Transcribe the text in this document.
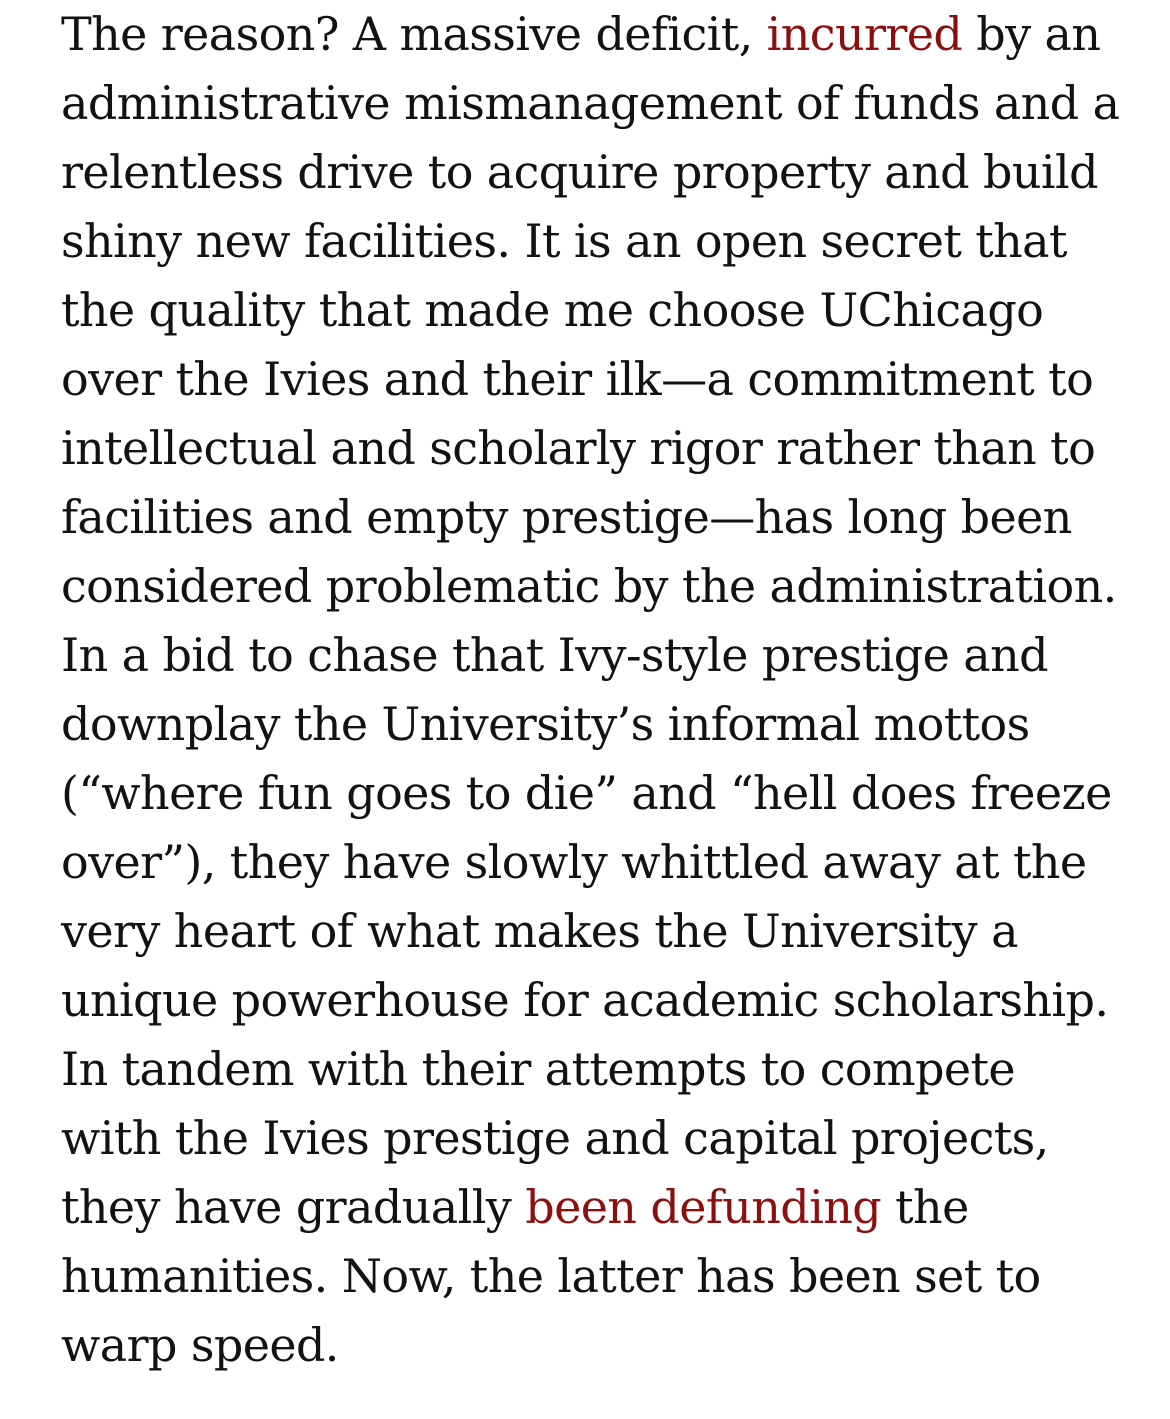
The reason? A massive deficit, incurred by an
administrative mismanagement of funds and a
relentless drive to acquire property and build
shiny new facilities. It is an open secret that
the quality that made me choose UChicago
over the Ivies and their ilk—a commitment to
intellectual and scholarly rigor rather than to
facilities and empty prestige—has long been
considered problematic by the administration.
In a bid to chase that Ivy-style prestige and
downplay the University’s informal mottos
(“where fun goes to die” and “hell does freeze
over”), they have slowly whittled away at the
very heart of what makes the University a
unique powerhouse for academic scholarship.
In tandem with their attempts to compete
with the Ivies prestige and capital projects,
they have gradually been defunding the
humanities. Now, the latter has been set to
warp speed.
